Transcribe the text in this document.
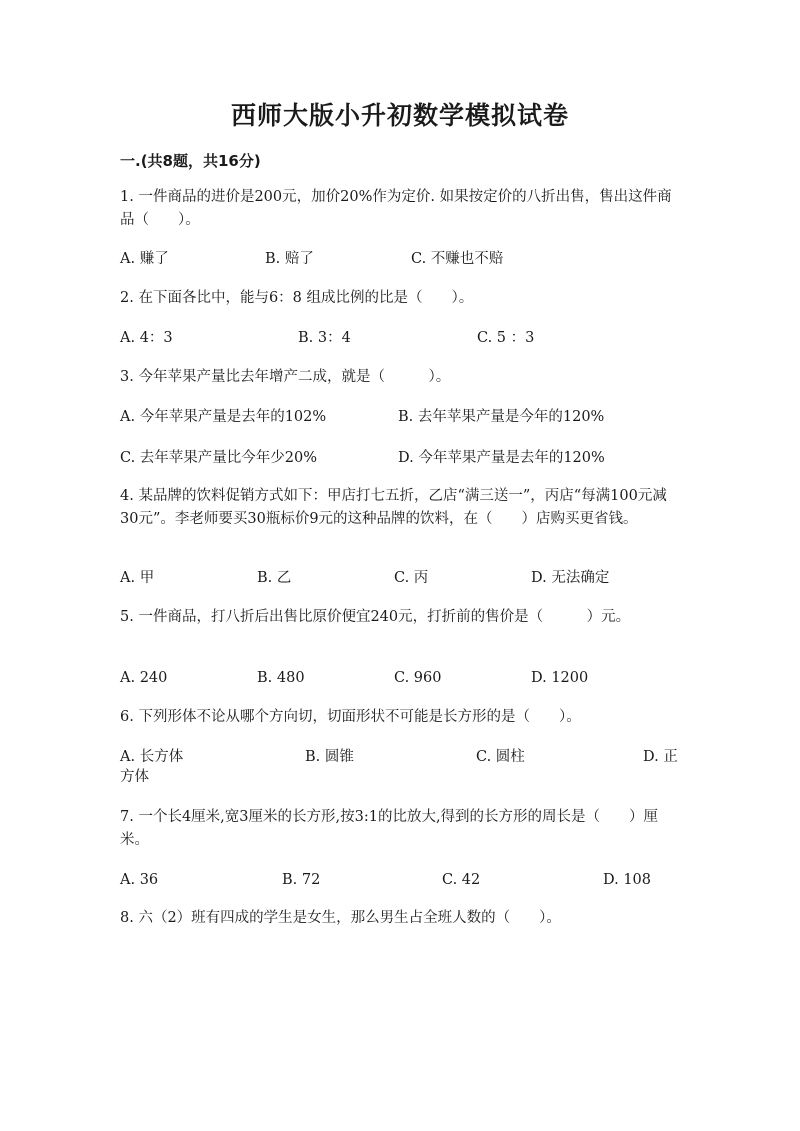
西师大版小升初数学模拟试卷
一.(共8题，共16分)
1. 一件商品的进价是200元，加价20%作为定价. 如果按定价的八折出售，售出这件商品（　　）。
A. 赚了	B. 赔了	C. 不赚也不赔
2. 在下面各比中，能与6：8 组成比例的比是（　　）。
A. 4：3	B. 3：4	C. 5 ：3
3. 今年苹果产量比去年增产二成，就是（　　　）。
A. 今年苹果产量是去年的102%	B. 去年苹果产量是今年的120%
C. 去年苹果产量比今年少20%	D. 今年苹果产量是去年的120%
4. 某品牌的饮料促销方式如下：甲店打七五折，乙店“满三送一”，丙店“每满100元减30元”。李老师要买30瓶标价9元的这种品牌的饮料，在（　　）店购买更省钱。
A. 甲	B. 乙	C. 丙	D. 无法确定
5. 一件商品，打八折后出售比原价便宜240元，打折前的售价是（　　　）元。
A. 240	B. 480	C. 960	D. 1200
6. 下列形体不论从哪个方向切，切面形状不可能是长方形的是（　　）。
A. 长方体	B. 圆锥	C. 圆柱	D. 正方体
7. 一个长4厘米,宽3厘米的长方形,按3:1的比放大,得到的长方形的周长是（　　）厘米。
A. 36	B. 72	C. 42	D. 108
8. 六（2）班有四成的学生是女生，那么男生占全班人数的（　　）。
